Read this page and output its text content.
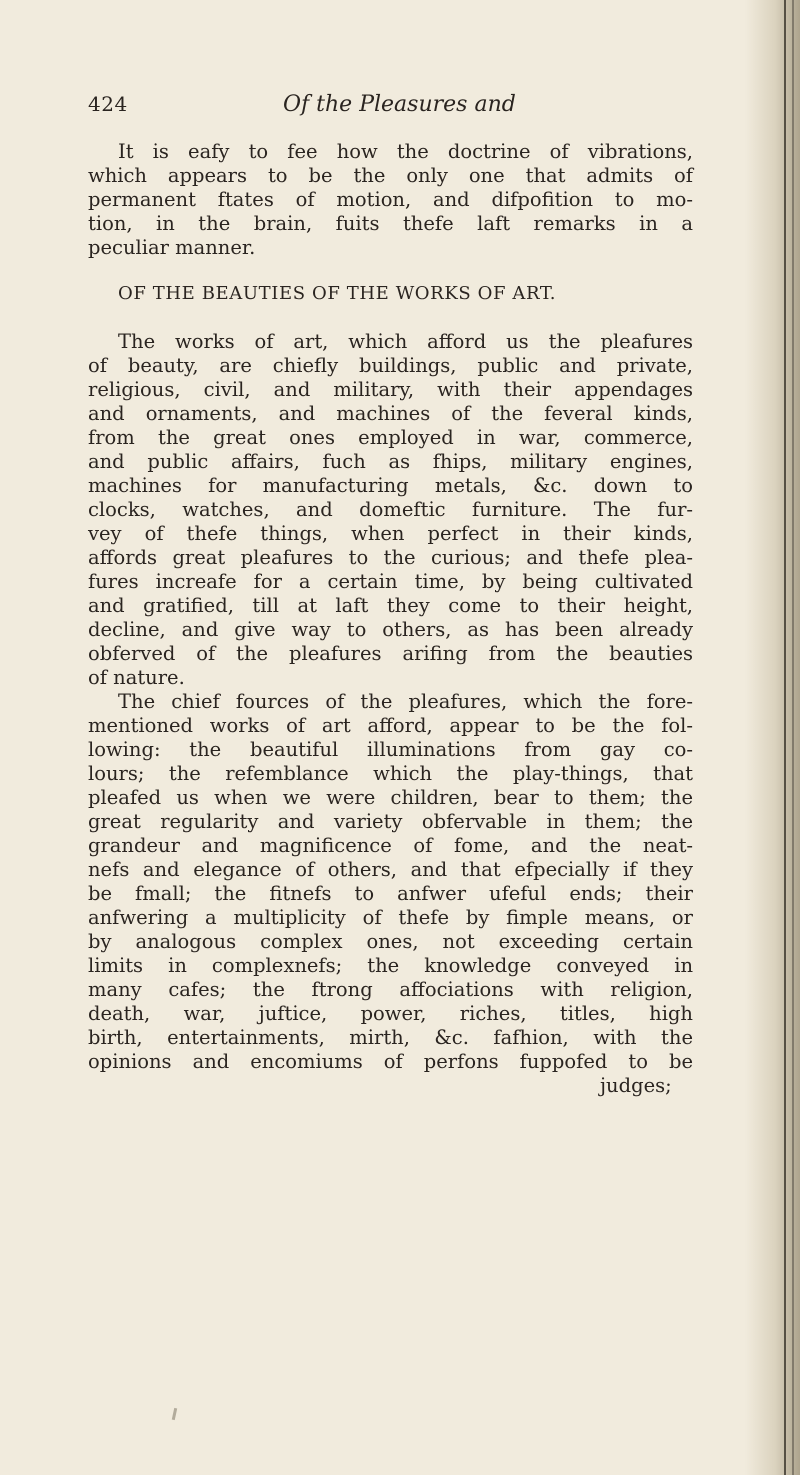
424	Of the Pleasures and
It is eafy to fee how the doctrine of vibrations,
which appears to be the only one that admits of
permanent ftates of motion, and difpofition to mo-
tion, in the brain, fuits thefe laft remarks in a
peculiar manner.
OF THE BEAUTIES OF THE WORKS OF ART.
The works of art, which afford us the pleafures
of beauty, are chiefly buildings, public and private,
religious, civil, and military, with their appendages
and ornaments, and machines of the feveral kinds,
from the great ones employed in war, commerce,
and public affairs, fuch as fhips, military engines,
machines for manufacturing metals, &c. down to
clocks, watches, and domeftic furniture. The fur-
vey of thefe things, when perfect in their kinds,
affords great pleafures to the curious; and thefe plea-
fures increafe for a certain time, by being cultivated
and gratified, till at laft they come to their height,
decline, and give way to others, as has been already
obferved of the pleafures arifing from the beauties
of nature.
The chief fources of the pleafures, which the fore-
mentioned works of art afford, appear to be the fol-
lowing: the beautiful illuminations from gay co-
lours; the refemblance which the play-things, that
pleafed us when we were children, bear to them; the
great regularity and variety obfervable in them; the
grandeur and magnificence of fome, and the neat-
nefs and elegance of others, and that efpecially if they
be fmall; the fitnefs to anfwer ufeful ends; their
anfwering a multiplicity of thefe by fimple means, or
by analogous complex ones, not exceeding certain
limits in complexnefs; the knowledge conveyed in
many cafes; the ftrong affociations with religion,
death, war, juftice, power, riches, titles, high
birth, entertainments, mirth, &c. fafhion, with the
opinions and encomiums of perfons fuppofed to be
judges;
